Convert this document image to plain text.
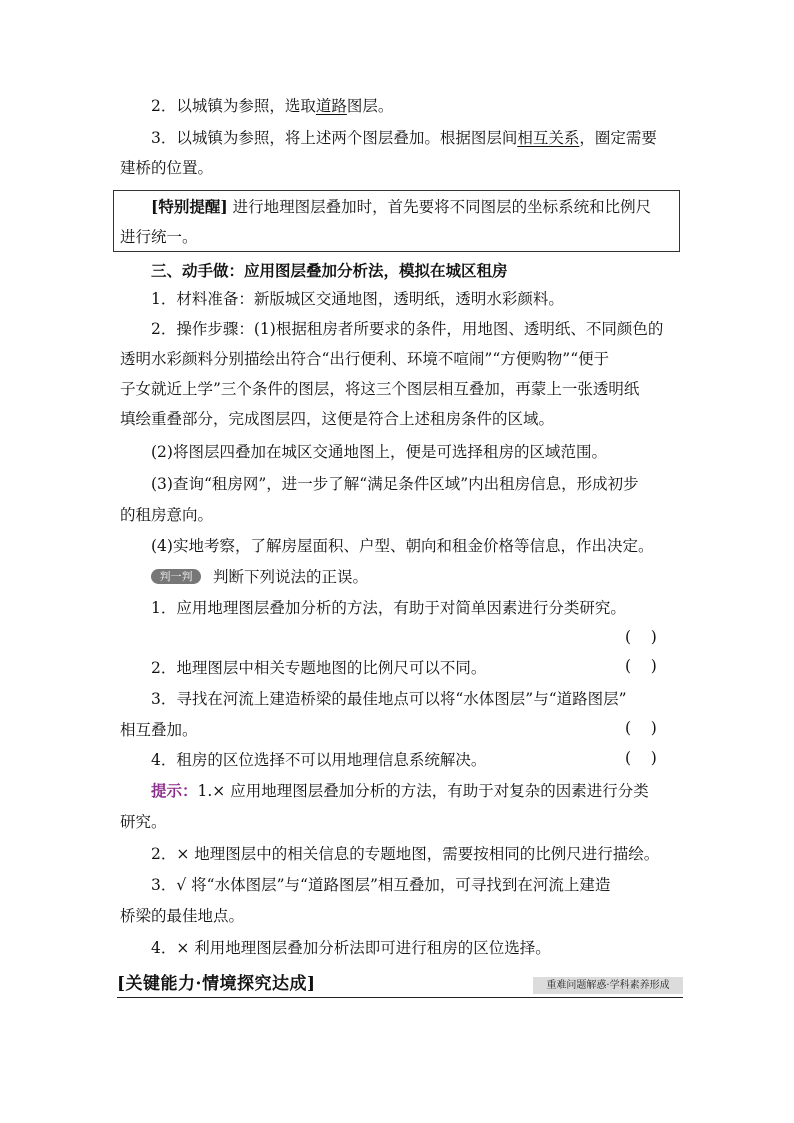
2．以城镇为参照，选取道路图层。
3．以城镇为参照，将上述两个图层叠加。根据图层间相互关系，圈定需要
建桥的位置。
三、动手做：应用图层叠加分析法，模拟在城区租房
1．材料准备：新版城区交通地图，透明纸，透明水彩颜料。
2．操作步骤：(1)根据租房者所要求的条件，用地图、透明纸、不同颜色的
透明水彩颜料分别描绘出符合“出行便利、环境不喧闹”“方便购物”“便于
子女就近上学”三个条件的图层，将这三个图层相互叠加，再蒙上一张透明纸
填绘重叠部分，完成图层四，这便是符合上述租房条件的区域。
(2)将图层四叠加在城区交通地图上，便是可选择租房的区域范围。
(3)查询“租房网”，进一步了解“满足条件区域”内出租房信息，形成初步
的租房意向。
(4)实地考察，了解房屋面积、户型、朝向和租金价格等信息，作出决定。
判一判 判断下列说法的正误。
1．应用地理图层叠加分析的方法，有助于对简单因素进行分类研究。
(    )
2．地理图层中相关专题地图的比例尺可以不同。	(    )
3．寻找在河流上建造桥梁的最佳地点可以将“水体图层”与“道路图层”
相互叠加。	(    )
4．租房的区位选择不可以用地理信息系统解决。	(    )
提示：1.× 应用地理图层叠加分析的方法，有助于对复杂的因素进行分类
研究。
2．× 地理图层中的相关信息的专题地图，需要按相同的比例尺进行描绘。
3．√ 将“水体图层”与“道路图层”相互叠加，可寻找到在河流上建造
桥梁的最佳地点。
4．× 利用地理图层叠加分析法即可进行租房的区位选择。
[特别提醒] 进行地理图层叠加时，首先要将不同图层的坐标系统和比例尺
进行统一。
[关键能力·情境探究达成]	重难问题解惑·学科素养形成
